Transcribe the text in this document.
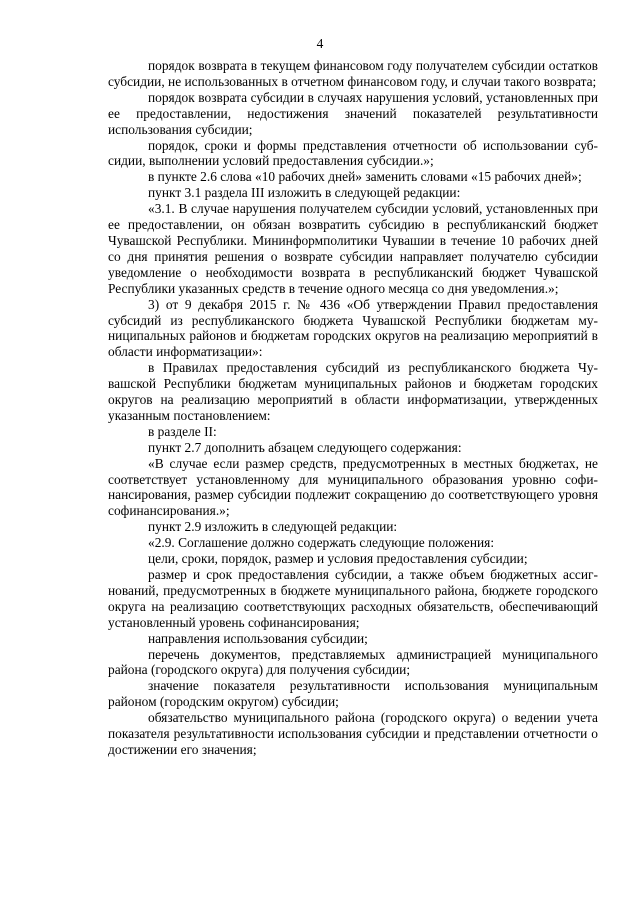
4

порядок возврата в текущем финансовом году получателем субсидии остатков субсидии, не использованных в отчетном финансовом году, и случаи такого возврата;

порядок возврата субсидии в случаях нарушения условий, установленных при ее предоставлении, недостижения значений показателей результативности использования субсидии;

порядок, сроки и формы представления отчетности об использовании субсидии, выполнении условий предоставления субсидии.»;

в пункте 2.6 слова «10 рабочих дней» заменить словами «15 рабочих дней»;

пункт 3.1 раздела III изложить в следующей редакции:

«3.1. В случае нарушения получателем субсидии условий, установленных при ее предоставлении, он обязан возвратить субсидию в республиканский бюджет Чувашской Республики. Мининформполитики Чувашии в течение 10 рабочих дней со дня принятия решения о возврате субсидии направляет получателю субсидии уведомление о необходимости возврата в республиканский бюджет Чувашской Республики указанных средств в течение одного месяца со дня уведомления.»;

3) от 9 декабря 2015 г. № 436 «Об утверждении Правил предоставления субсидий из республиканского бюджета Чувашской Республики бюджетам муниципальных районов и бюджетам городских округов на реализацию мероприятий в области информатизации»:

в Правилах предоставления субсидий из республиканского бюджета Чувашской Республики бюджетам муниципальных районов и бюджетам городских округов на реализацию мероприятий в области информатизации, утвержденных указанным постановлением:

в разделе II:

пункт 2.7 дополнить абзацем следующего содержания:

«В случае если размер средств, предусмотренных в местных бюджетах, не соответствует установленному для муниципального образования уровню софинансирования, размер субсидии подлежит сокращению до соответствующего уровня софинансирования.»;

пункт 2.9 изложить в следующей редакции:

«2.9. Соглашение должно содержать следующие положения:

цели, сроки, порядок, размер и условия предоставления субсидии;

размер и срок предоставления субсидии, а также объем бюджетных ассигнований, предусмотренных в бюджете муниципального района, бюджете городского округа на реализацию соответствующих расходных обязательств, обеспечивающий установленный уровень софинансирования;

направления использования субсидии;

перечень документов, представляемых администрацией муниципального района (городского округа) для получения субсидии;

значение показателя результативности использования муниципальным районом (городским округом) субсидии;

обязательство муниципального района (городского округа) о ведении учета показателя результативности использования субсидии и представлении отчетности о достижении его значения;
